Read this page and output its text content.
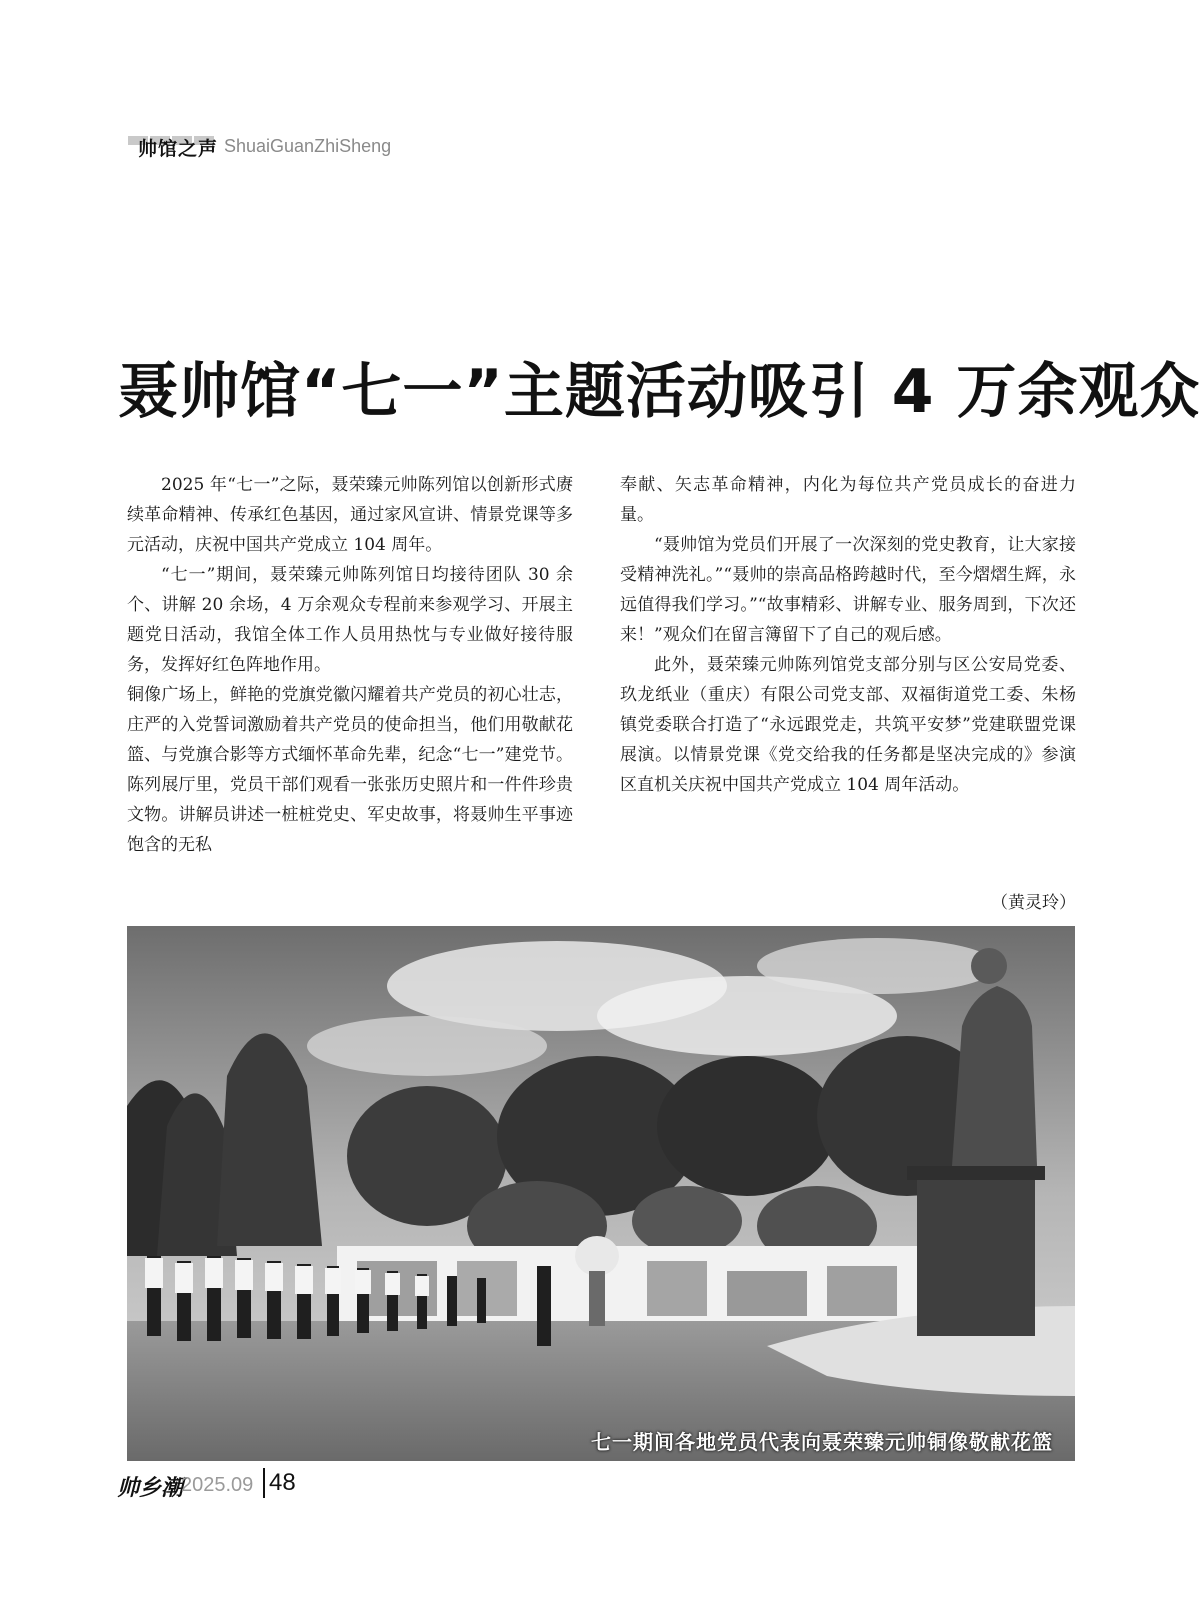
帅馆之声 ShuaiGuanZhiSheng
聂帅馆“七一”主题活动吸引 4 万余观众

2025 年“七一”之际，聂荣臻元帅陈列馆以创新形式赓续革命精神、传承红色基因，通过家风宣讲、情景党课等多元活动，庆祝中国共产党成立 104 周年。

“七一”期间，聂荣臻元帅陈列馆日均接待团队 30 余个、讲解 20 余场，4 万余观众专程前来参观学习、开展主题党日活动，我馆全体工作人员用热忱与专业做好接待服务，发挥好红色阵地作用。

铜像广场上，鲜艳的党旗党徽闪耀着共产党员的初心壮志，庄严的入党誓词激励着共产党员的使命担当，他们用敬献花篮、与党旗合影等方式缅怀革命先辈，纪念“七一”建党节。陈列展厅里，党员干部们观看一张张历史照片和一件件珍贵文物。讲解员讲述一桩桩党史、军史故事，将聂帅生平事迹饱含的无私

奉献、矢志革命精神，内化为每位共产党员成长的奋进力量。

“聂帅馆为党员们开展了一次深刻的党史教育，让大家接受精神洗礼。”“聂帅的崇高品格跨越时代，至今熠熠生辉，永远值得我们学习。”“故事精彩、讲解专业、服务周到，下次还来！”观众们在留言簿留下了自己的观后感。

此外，聂荣臻元帅陈列馆党支部分别与区公安局党委、玖龙纸业（重庆）有限公司党支部、双福街道党工委、朱杨镇党委联合打造了“永远跟党走，共筑平安梦”党建联盟党课展演。以情景党课《党交给我的任务都是坚决完成的》参演区直机关庆祝中国共产党成立 104 周年活动。

（黄灵玲）
七一期间各地党员代表向聂荣臻元帅铜像敬献花篮
帅乡潮
2025.09 48
